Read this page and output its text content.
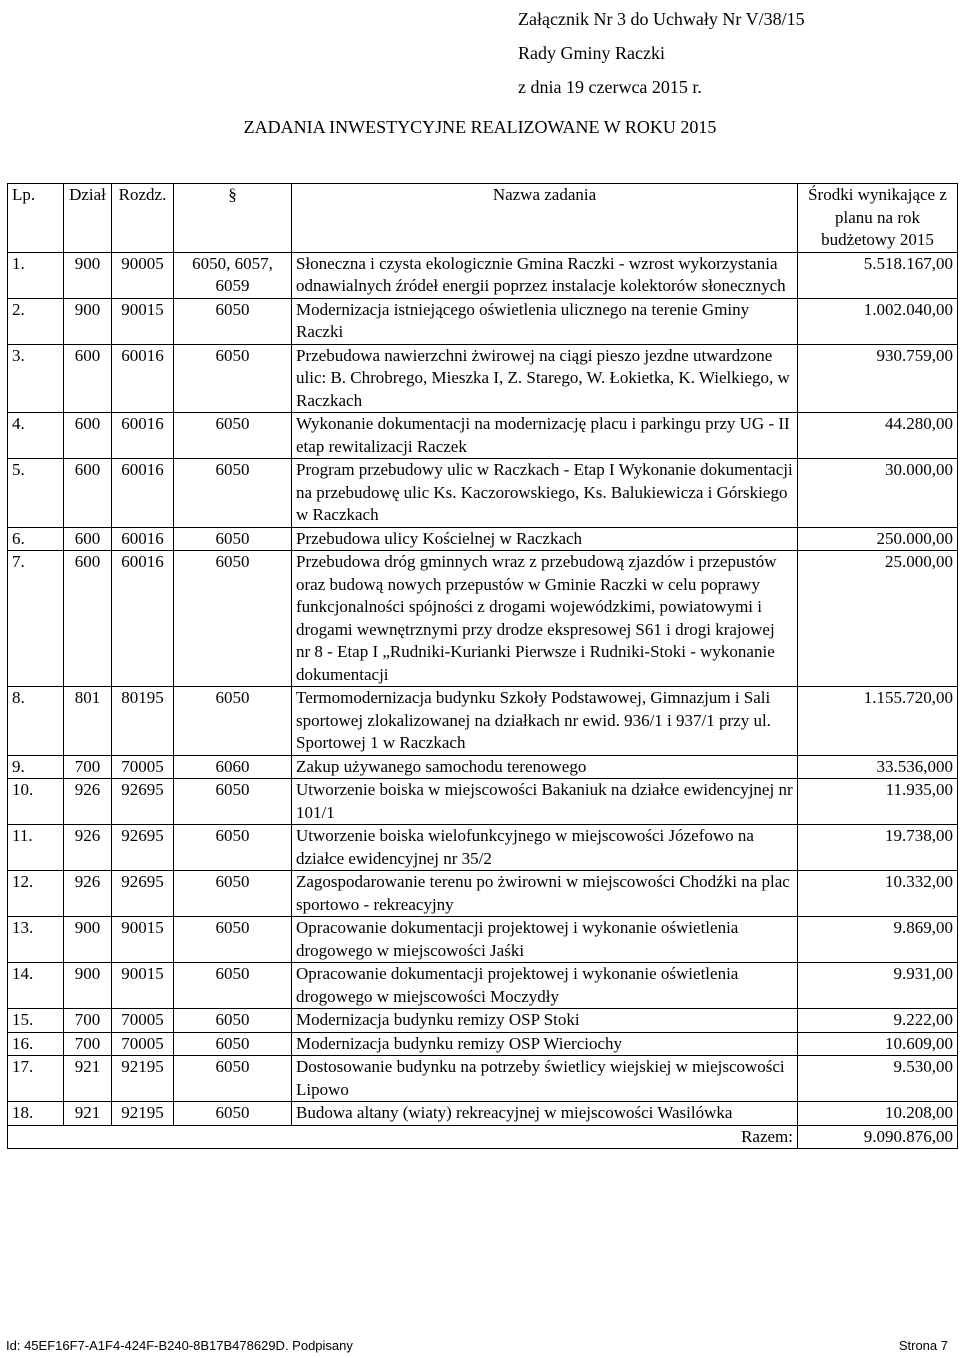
Załącznik Nr 3 do Uchwały Nr V/38/15
Rady Gminy Raczki
z dnia 19 czerwca 2015 r.
ZADANIA INWESTYCYJNE REALIZOWANE W ROKU 2015
Lp.	Dział	Rozdz.	§	Nazwa zadania	Środki wynikające z planu na rok budżetowy 2015
1.	900	90005	6050, 6057, 6059	Słoneczna i czysta ekologicznie Gmina Raczki - wzrost wykorzystania odnawialnych źródeł energii poprzez instalacje kolektorów słonecznych	5.518.167,00
2.	900	90015	6050	Modernizacja istniejącego oświetlenia ulicznego na terenie Gminy Raczki	1.002.040,00
3.	600	60016	6050	Przebudowa nawierzchni żwirowej na ciągi pieszo jezdne utwardzone ulic: B. Chrobrego, Mieszka I, Z. Starego, W. Łokietka, K. Wielkiego, w Raczkach	930.759,00
4.	600	60016	6050	Wykonanie dokumentacji na modernizację placu i parkingu przy UG - II etap rewitalizacji Raczek	44.280,00
5.	600	60016	6050	Program przebudowy ulic w Raczkach - Etap I Wykonanie dokumentacji na przebudowę ulic Ks. Kaczorowskiego, Ks. Balukiewicza i Górskiego w Raczkach	30.000,00
6.	600	60016	6050	Przebudowa ulicy Kościelnej w Raczkach	250.000,00
7.	600	60016	6050	Przebudowa dróg gminnych wraz z przebudową zjazdów i przepustów oraz budową nowych przepustów w Gminie Raczki w celu poprawy funkcjonalności spójności z drogami wojewódzkimi, powiatowymi i drogami wewnętrznymi przy drodze ekspresowej S61 i drogi krajowej nr 8 - Etap I „Rudniki-Kurianki Pierwsze i Rudniki-Stoki - wykonanie dokumentacji	25.000,00
8.	801	80195	6050	Termomodernizacja budynku Szkoły Podstawowej, Gimnazjum i Sali sportowej zlokalizowanej na działkach nr ewid. 936/1 i 937/1 przy ul. Sportowej 1 w Raczkach	1.155.720,00
9.	700	70005	6060	Zakup używanego samochodu terenowego	33.536,000
10.	926	92695	6050	Utworzenie boiska w miejscowości Bakaniuk na działce ewidencyjnej nr 101/1	11.935,00
11.	926	92695	6050	Utworzenie boiska wielofunkcyjnego w miejscowości Józefowo na działce ewidencyjnej nr 35/2	19.738,00
12.	926	92695	6050	Zagospodarowanie terenu po żwirowni w miejscowości Chodźki na plac sportowo - rekreacyjny	10.332,00
13.	900	90015	6050	Opracowanie dokumentacji projektowej i wykonanie oświetlenia drogowego w miejscowości Jaśki	9.869,00
14.	900	90015	6050	Opracowanie dokumentacji projektowej i wykonanie oświetlenia drogowego w miejscowości Moczydły	9.931,00
15.	700	70005	6050	Modernizacja budynku remizy OSP Stoki	9.222,00
16.	700	70005	6050	Modernizacja budynku remizy OSP Wierciochy	10.609,00
17.	921	92195	6050	Dostosowanie budynku na potrzeby świetlicy wiejskiej w miejscowości Lipowo	9.530,00
18.	921	92195	6050	Budowa altany (wiaty) rekreacyjnej w miejscowości Wasilówka	10.208,00
Razem:					9.090.876,00
Id: 45EF16F7-A1F4-424F-B240-8B17B478629D. Podpisany	Strona 7
